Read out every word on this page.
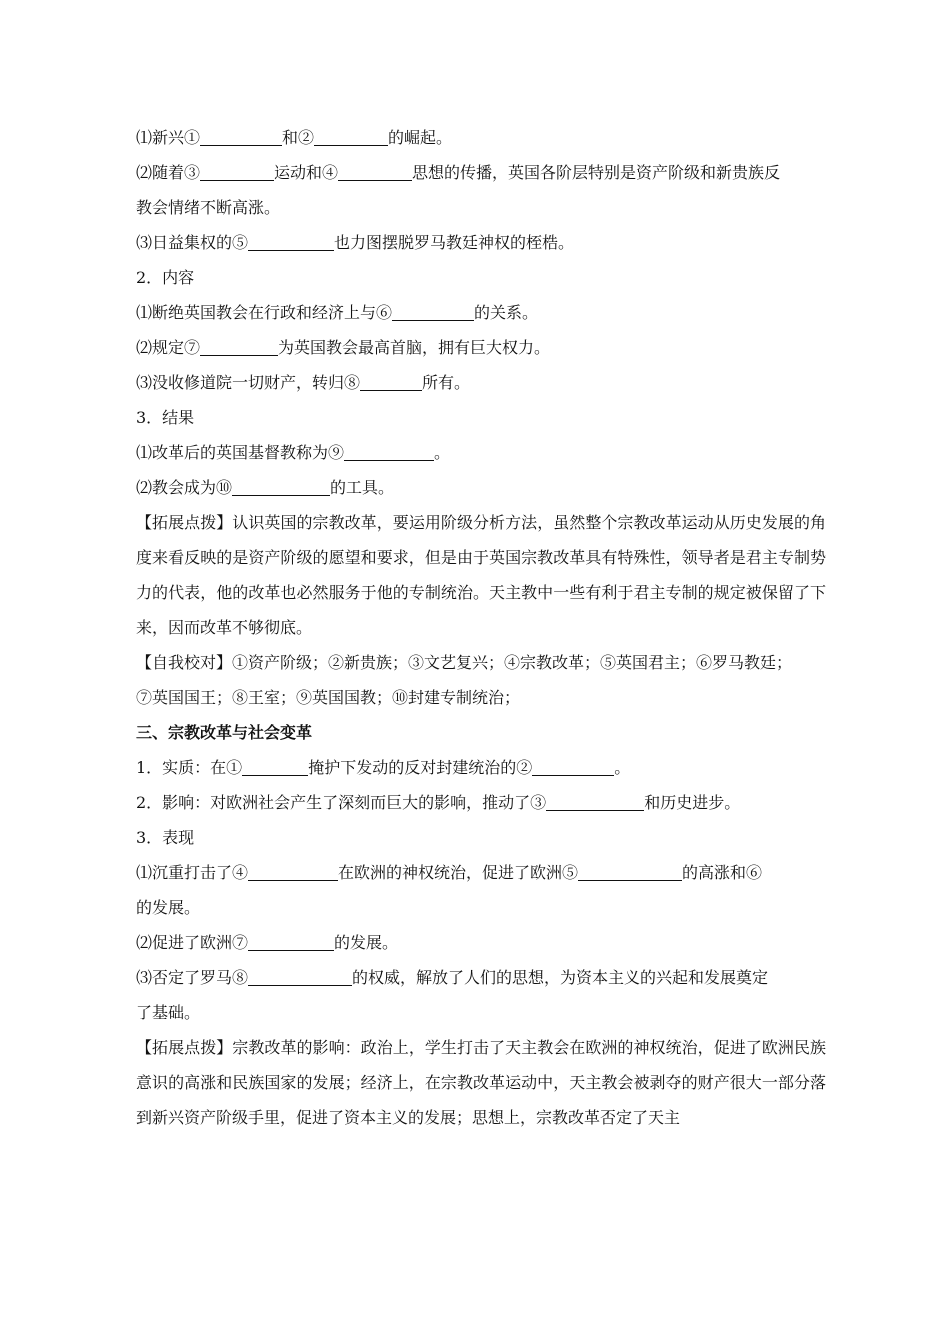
⑴新兴①	和②	的崛起。
⑵随着③	运动和④	思想的传播，英国各阶层特别是资产阶级和新贵族反
教会情绪不断高涨。
⑶日益集权的⑤	也力图摆脱罗马教廷神权的桎梏。
2．内容
⑴断绝英国教会在行政和经济上与⑥	的关系。
⑵规定⑦	为英国教会最高首脑，拥有巨大权力。
⑶没收修道院一切财产，转归⑧	所有。
3．结果
⑴改革后的英国基督教称为⑨	。
⑵教会成为⑩	的工具。
【拓展点拨】认识英国的宗教改革，要运用阶级分析方法，虽然整个宗教改革运动从历史发展的角度来看反映的是资产阶级的愿望和要求，但是由于英国宗教改革具有特殊性，领导者是君主专制势力的代表，他的改革也必然服务于他的专制统治。天主教中一些有利于君主专制的规定被保留了下来，因而改革不够彻底。
【自我校对】①资产阶级；②新贵族；③文艺复兴；④宗教改革；⑤英国君主；⑥罗马教廷；
⑦英国国王；⑧王室；⑨英国国教；⑩封建专制统治；
三、宗教改革与社会变革
1．实质：在①	掩护下发动的反对封建统治的②	。
2．影响：对欧洲社会产生了深刻而巨大的影响，推动了③	和历史进步。
3．表现
⑴沉重打击了④	在欧洲的神权统治，促进了欧洲⑤	的高涨和⑥
的发展。
⑵促进了欧洲⑦	的发展。
⑶否定了罗马⑧	的权威，解放了人们的思想，为资本主义的兴起和发展奠定
了基础。
【拓展点拨】宗教改革的影响：政治上，学生打击了天主教会在欧洲的神权统治，促进了欧洲民族意识的高涨和民族国家的发展；经济上，在宗教改革运动中，天主教会被剥夺的财产很大一部分落到新兴资产阶级手里，促进了资本主义的发展；思想上，宗教改革否定了天主
